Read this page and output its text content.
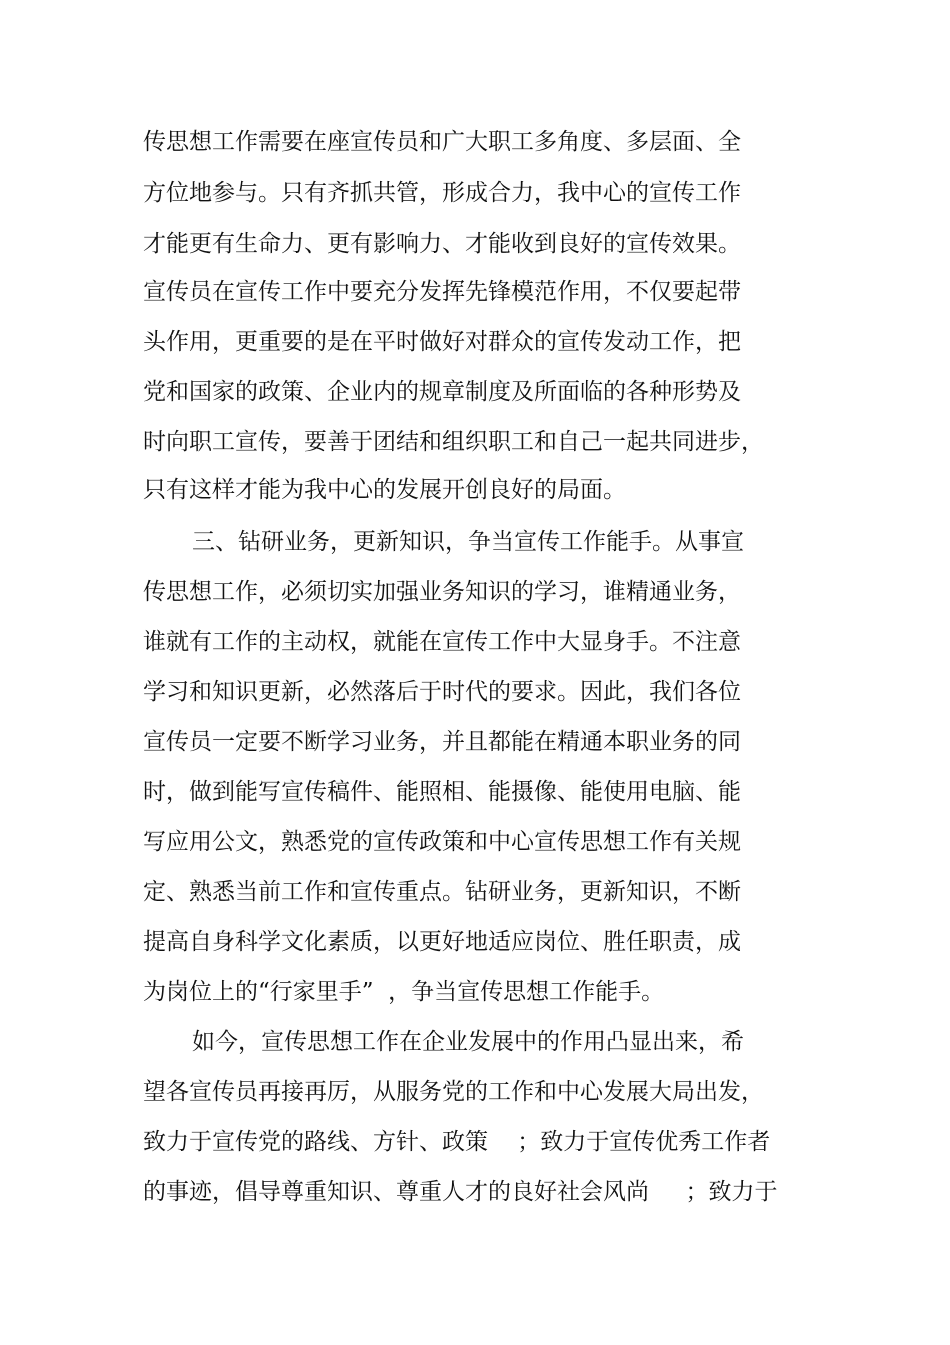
传思想工作需要在座宣传员和广大职工多角度、多层面、全
方位地参与。只有齐抓共管，形成合力，我中心的宣传工作
才能更有生命力、更有影响力、才能收到良好的宣传效果。
宣传员在宣传工作中要充分发挥先锋模范作用，不仅要起带
头作用，更重要的是在平时做好对群众的宣传发动工作，把
党和国家的政策、企业内的规章制度及所面临的各种形势及
时向职工宣传，要善于团结和组织职工和自己一起共同进步，
只有这样才能为我中心的发展开创良好的局面。
三、钻研业务，更新知识，争当宣传工作能手。从事宣
传思想工作，必须切实加强业务知识的学习，谁精通业务，
谁就有工作的主动权，就能在宣传工作中大显身手。不注意
学习和知识更新，必然落后于时代的要求。因此，我们各位
宣传员一定要不断学习业务，并且都能在精通本职业务的同
时，做到能写宣传稿件、能照相、能摄像、能使用电脑、能
写应用公文，熟悉党的宣传政策和中心宣传思想工作有关规
定、熟悉当前工作和宣传重点。钻研业务，更新知识，不断
提高自身科学文化素质，以更好地适应岗位、胜任职责，成
为岗位上的“行家里手”  ，争当宣传思想工作能手。
如今，宣传思想工作在企业发展中的作用凸显出来，希
望各宣传员再接再厉，从服务党的工作和中心发展大局出发，
致力于宣传党的路线、方针、政策    ；致力于宣传优秀工作者
的事迹，倡导尊重知识、尊重人才的良好社会风尚     ；致力于
